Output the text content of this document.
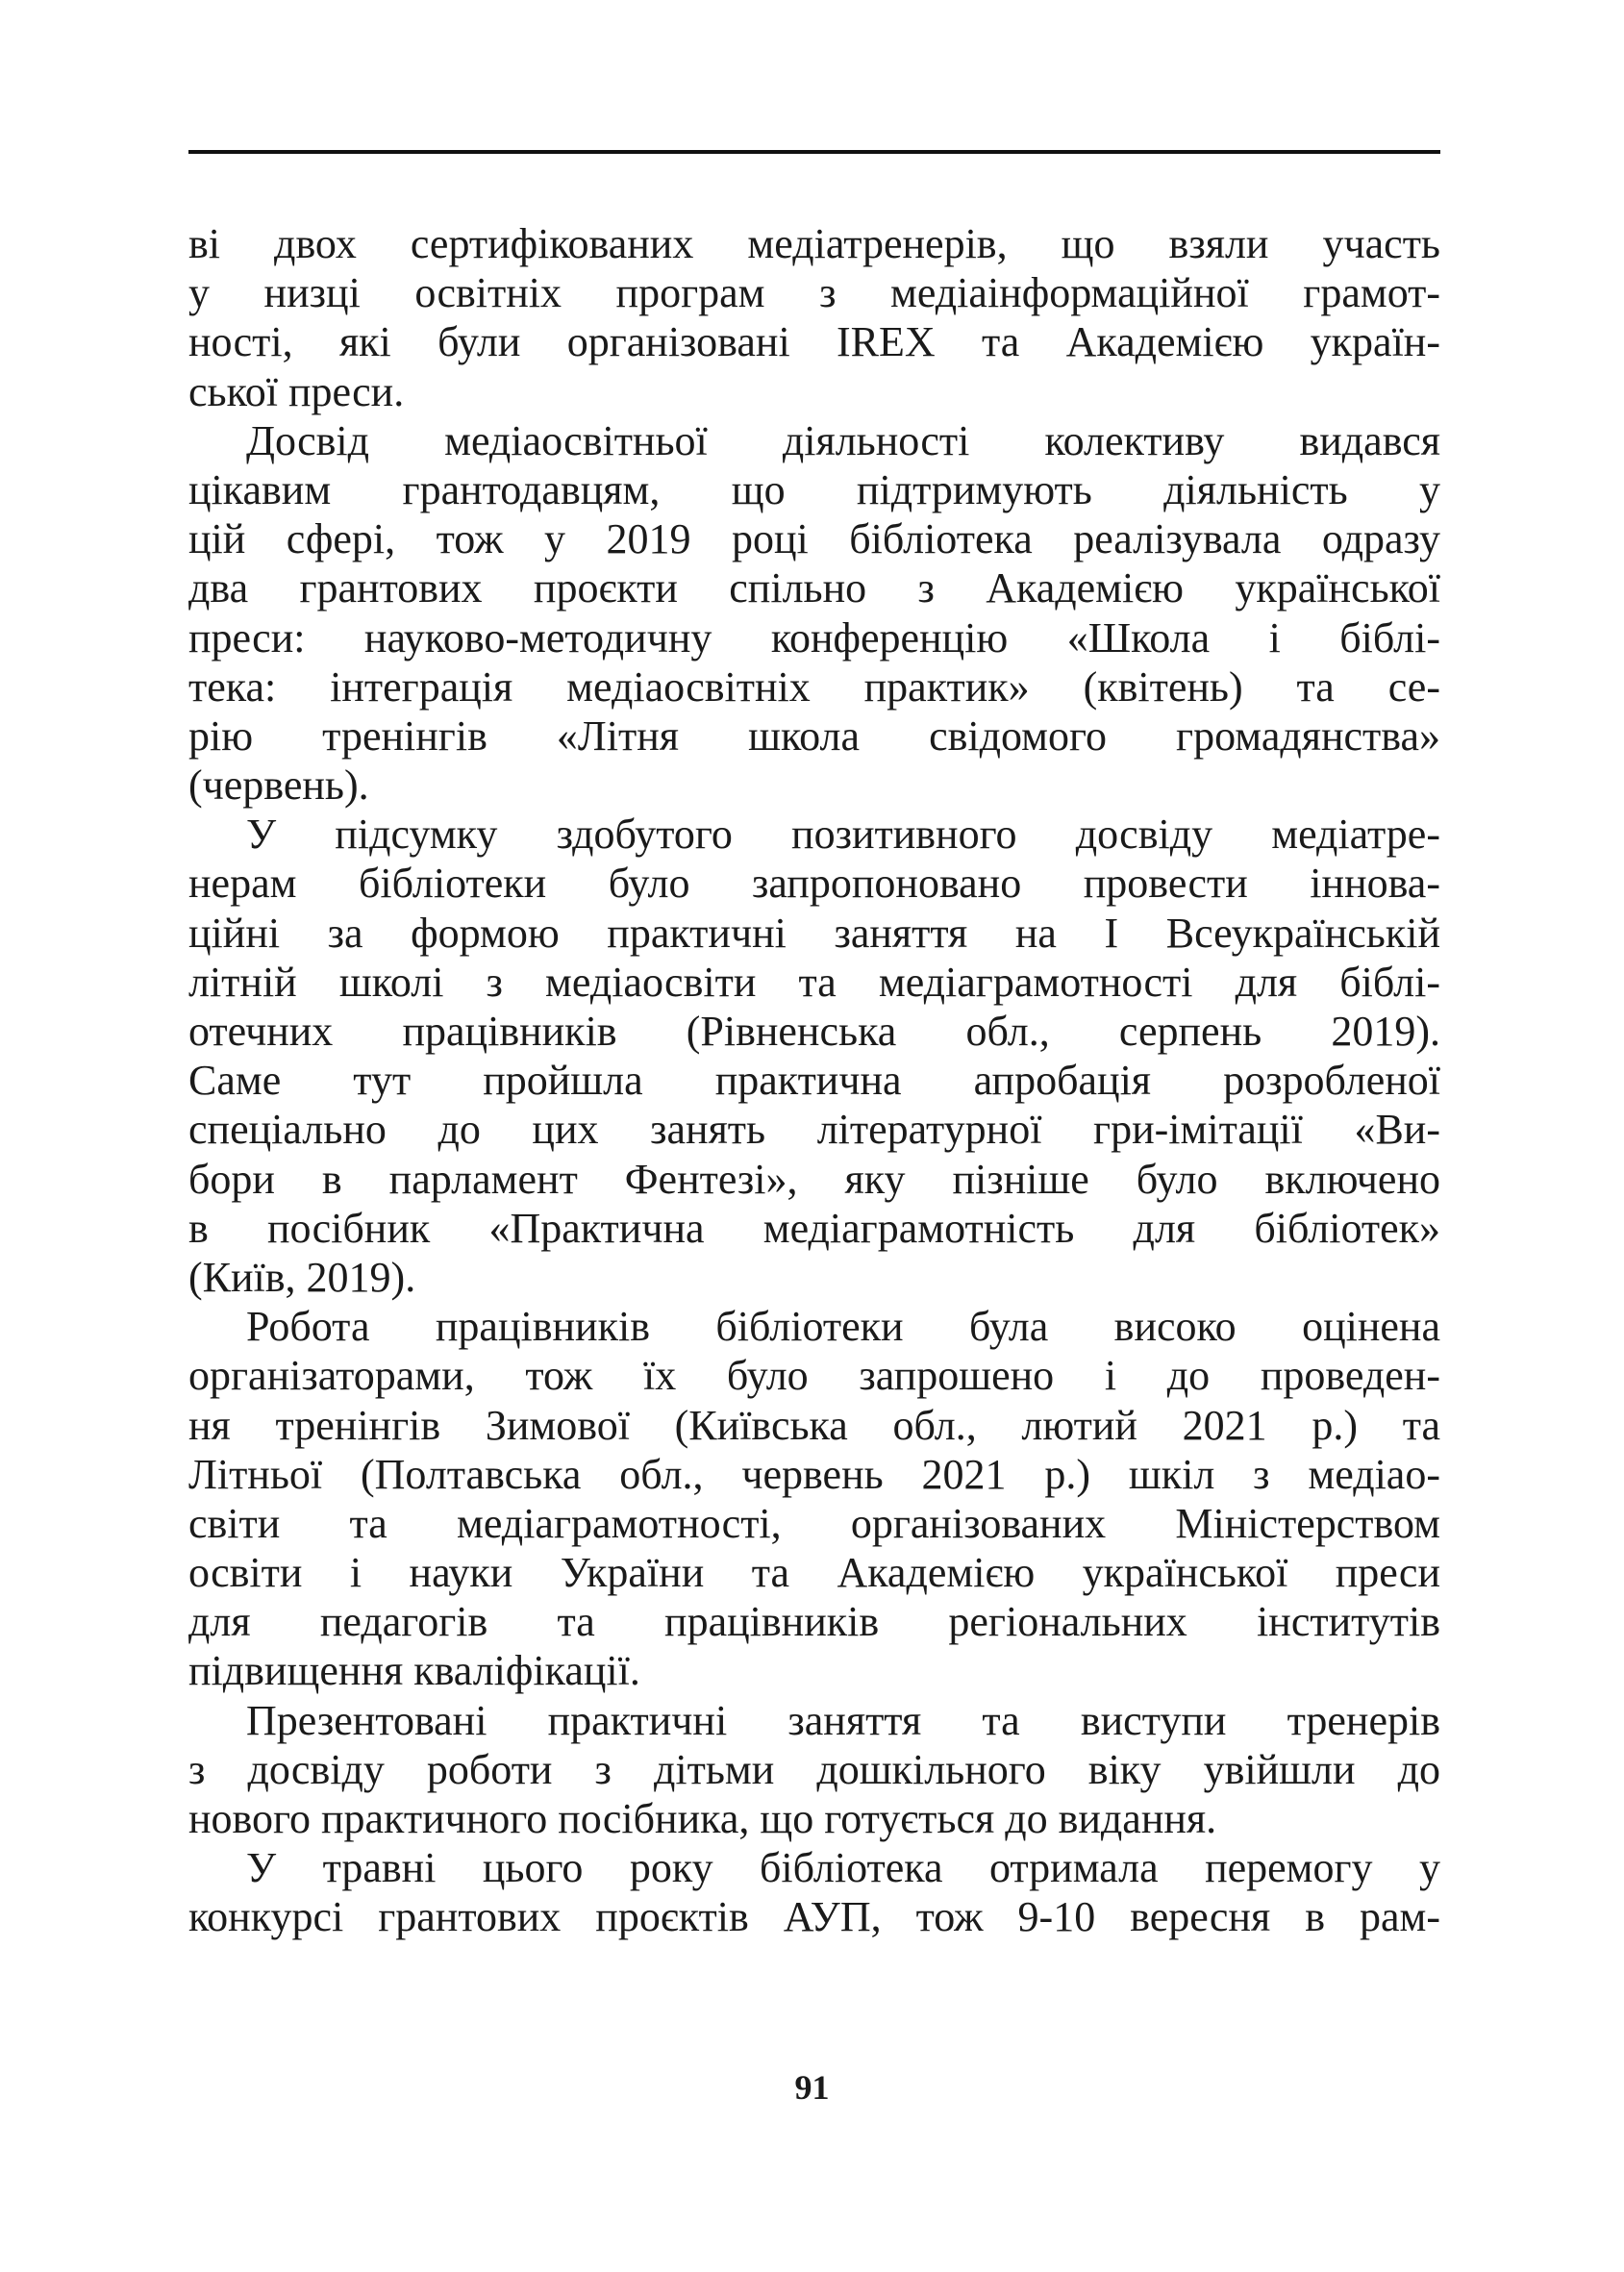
ві двох сертифікованих медіатренерів, що взяли участь
у низці освітніх програм з медіаінформаційної грамот-
ності, які були організовані IREX та Академією україн-
ської преси.
Досвід медіаосвітньої діяльності колективу видався
цікавим грантодавцям, що підтримують діяльність у
цій сфері, тож у 2019 році бібліотека реалізувала одразу
два грантових проєкти спільно з Академією української
преси: науково-методичну конференцію «Школа і біблі-
тека: інтеграція медіаосвітніх практик» (квітень) та се-
рію тренінгів «Літня школа свідомого громадянства»
(червень).
У підсумку здобутого позитивного досвіду медіатре-
нерам бібліотеки було запропоновано провести іннова-
ційні за формою практичні заняття на І Всеукраїнській
літній школі з медіаосвіти та медіаграмотності для біблі-
отечних працівників (Рівненська обл., серпень 2019).
Саме тут пройшла практична апробація розробленої
спеціально до цих занять літературної гри-імітації «Ви-
бори в парламент Фентезі», яку пізніше було включено
в посібник «Практична медіаграмотність для бібліотек»
(Київ, 2019).
Робота працівників бібліотеки була високо оцінена
організаторами, тож їх було запрошено і до проведен-
ня тренінгів Зимової (Київська обл., лютий 2021 р.) та
Літньої (Полтавська обл., червень 2021 р.) шкіл з медіао-
світи та медіаграмотності, організованих Міністерством
освіти і науки України та Академією української преси
для педагогів та працівників регіональних інститутів
підвищення кваліфікації.
Презентовані практичні заняття та виступи тренерів
з досвіду роботи з дітьми дошкільного віку увійшли до
нового практичного посібника, що готується до видання.
У травні цього року бібліотека отримала перемогу у
конкурсі грантових проєктів АУП, тож 9-10 вересня в рам-
91
